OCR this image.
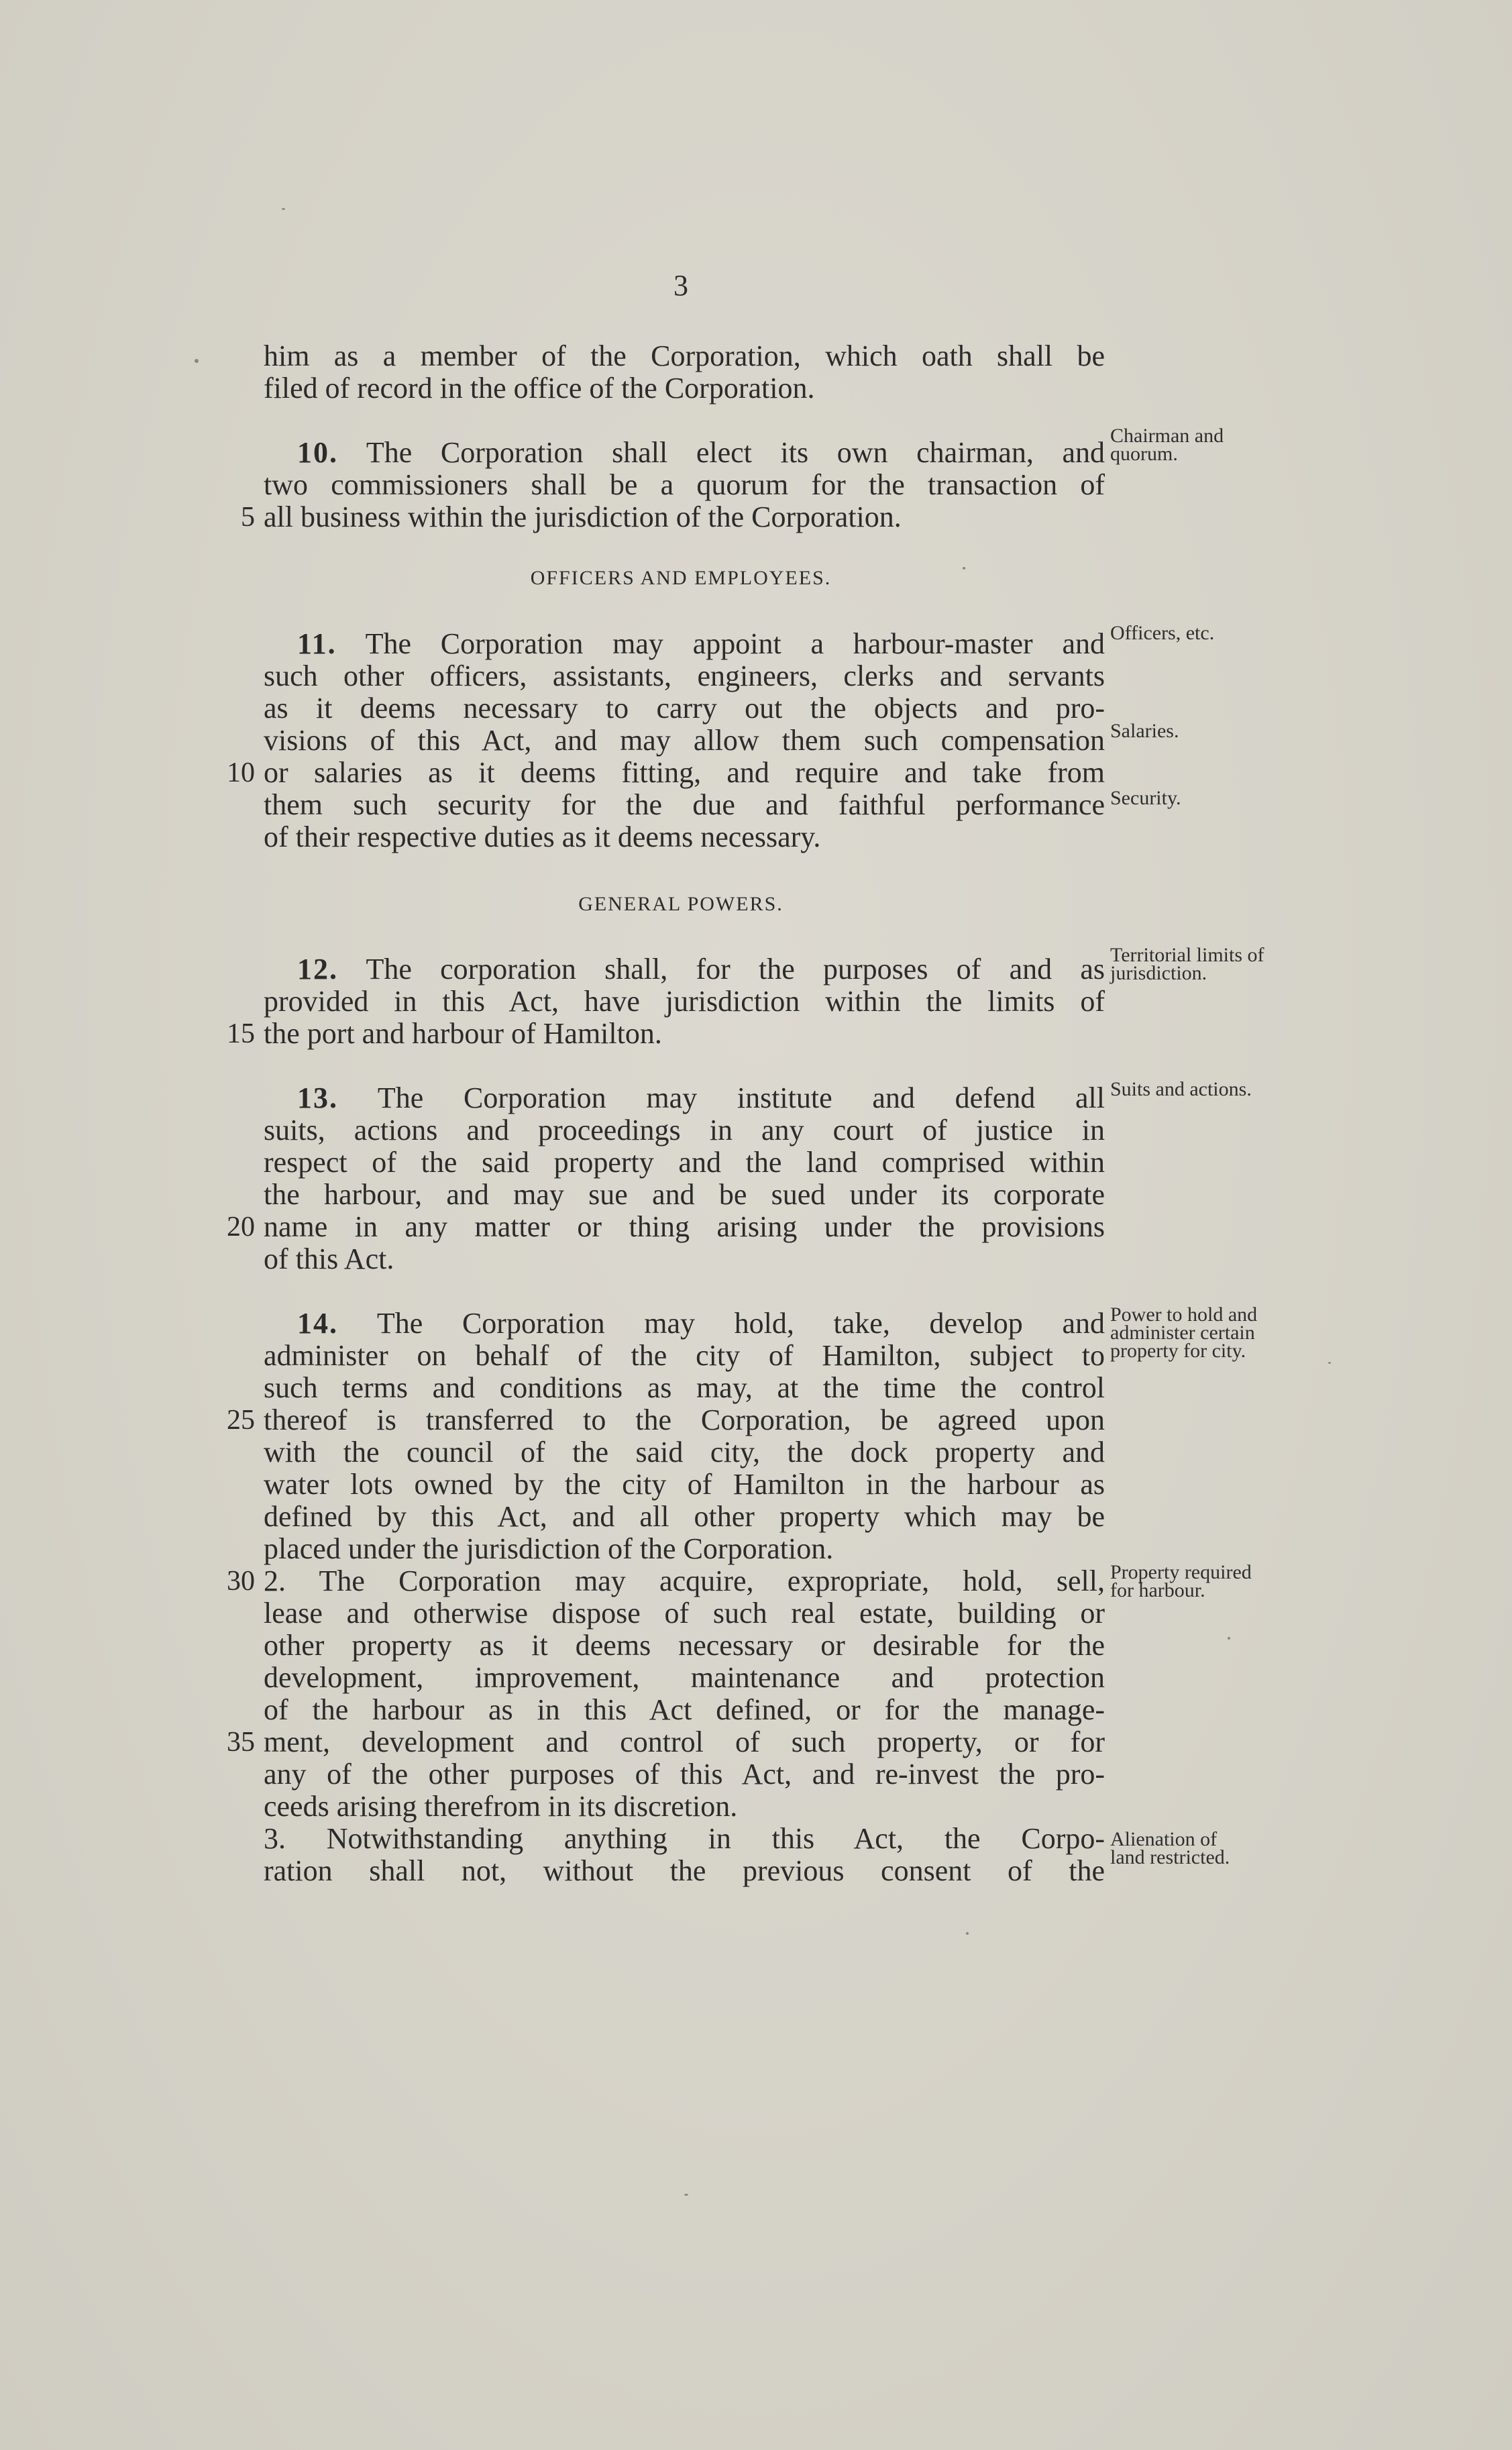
3
him as a member of the Corporation, which oath shall be
filed of record in the office of the Corporation.
10. The Corporation shall elect its own chairman, and
two commissioners shall be a quorum for the transaction of
all business within the jurisdiction of the Corporation.
5
11. The Corporation may appoint a harbour-master and
such other officers, assistants, engineers, clerks and servants
as it deems necessary to carry out the objects and pro-
visions of this Act, and may allow them such compensation
or salaries as it deems fitting, and require and take from
10
them such security for the due and faithful performance
of their respective duties as it deems necessary.
12. The corporation shall, for the purposes of and as
provided in this Act, have jurisdiction within the limits of
the port and harbour of Hamilton.
15
13. The Corporation may institute and defend all
suits, actions and proceedings in any court of justice in
respect of the said property and the land comprised within
the harbour, and may sue and be sued under its corporate
name in any matter or thing arising under the provisions
20
of this Act.
14. The Corporation may hold, take, develop and
administer on behalf of the city of Hamilton, subject to
such terms and conditions as may, at the time the control
thereof is transferred to the Corporation, be agreed upon
25
with the council of the said city, the dock property and
water lots owned by the city of Hamilton in the harbour as
defined by this Act, and all other property which may be
placed under the jurisdiction of the Corporation.
2. The Corporation may acquire, expropriate, hold, sell,
30
lease and otherwise dispose of such real estate, building or
other property as it deems necessary or desirable for the
development, improvement, maintenance and protection
of the harbour as in this Act defined, or for the manage-
ment, development and control of such property, or for
35
any of the other purposes of this Act, and re-invest the pro-
ceeds arising therefrom in its discretion.
3. Notwithstanding anything in this Act, the Corpo-
ration shall not, without the previous consent of the
OFFICERS AND EMPLOYEES.
GENERAL POWERS.
Chairman and quorum.
Officers, etc.
Salaries.
Security.
Territorial limits of jurisdiction.
Suits and actions.
Power to hold and administer certain property for city.
Property required for harbour.
Alienation of land restricted.
